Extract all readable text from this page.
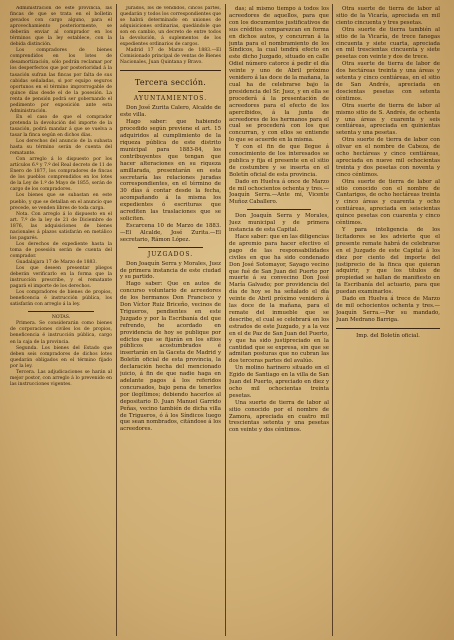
Administración de este provincia, las fincas de que se trata en el bolletin gevados con cargo alguno, para el aprovechamiento posteriormente, se deberán enviar al comprador en los términos que la ley establece, con la debida distinción.

Los compradores de bienes comprendidos en los lotes de desamortización, sólo podrán reclamar por los desperfectos que por posterioridad á la tasación sufran las fincas por falta de sus cabidas señaladas, si por equipo seguros oportunos en el término improrrogable de quince días desde el de la posesión. La renta de pensión podrá ser gobernando el pedimento por exposición ante esta Administración.

En el caso de que el comprador pretenda la devolución del importe de la tasación, podrá mandar á que se vuelva a tasar la finca según en dichos días.

Los derechos del anuncio de la subasta hasta su término serán de cuenta del rematante.

Con arreglo á lo dispuesto por los artículos 6.º y 7.º del Real decreto de 11 de Enero de 1877, los compradores de fincas de los pueblos comprendidos en los lotes de la Ley de 1.º de Mayo de 1855, serán de cargo de los compradores.

Los bienes que se subastan en este pueblo, y que se detallan en el anuncio que precede, se venden libres de toda carga.

Nota. Con arreglo á lo dispuesto en el art. 7.º de la ley de 21 de Diciembre de 1876, las adquisiciones de bienes nacionales á plazos satisfarán en metálico los pagarés.

Los derechos de expediente hasta la toma de posesión serán de cuenta del comprador.

Guadalajara 17 de Marzo de 1883.

Los que deseen presentar pliegos deberán verificarlo en la forma que la instrucción prescribe, y el rematante pagará el importe de los derechos.

Los compradores de bienes de propios, beneficencia é instrucción pública, los satisfarán con arreglo á la ley.

NOTAS.

Primera. Se considerarán como bienes de corporaciones civiles los de propios, beneficencia é instrucción pública, cargo en la caja de la provincia.

Segunda. Los bienes del Estado que deben seis compradores de dichos lotes quedarán obligados en el término fijado por la ley.

Tercera. Las adjudicaciones se harán al mejor postor, con arreglo á lo prevenido en las instrucciones vigentes.

Jurados, los de vendidos, cincos partes, quedarán y todos los correspondientes que se habrá determinado en uniones de adquisiciones ordinarias, quedándole que son en cambio, un decreto de entre todos la devolución, á suplementos de los expedientes ordinarios de cargos.

Madrid 17 de Marzo de 1883.—El Comisionado principal de ventas de Bienes Nacionales, Juan Quintana y Bravo.

Tercera sección.
AYUNTAMIENTOS.

Don José Zurita Calero, Alcalde de este villa.

Hago saber: que habiendo procedido según previene el art. 15 adquiridos al cumplimiento de la riqueza pública de este distrito municipal para 1883-84, los contribuyentes que tengan que hacer alteraciones en su riqueza amillarada, presentarán en esta secretaría las relaciones juradas correspondientes, en el término de 30 días á contar desde la fecha, acompañando á la misma los expedientes ó escrituras que acrediten las traslaciones que se soliciten.

Escarcena 10 de Marzo de 1883.—El Alcalde, José Zurita.—El secretario, Rámon López.

JUZGADOS.

Don Joaquín Serra y Morales, Juez de primera instancia de este ciudad y su partido.

Hago saber: Que en autos de concurso voluntario de acreedores de los hermanos Don Francisco y Don Víctor Ruiz Briceño, vecinos de Trigueros, pendientes en este Juzgado y por la Escribanía del que refrendo, he acordado en providencia de hoy se publique por edictos que se fijarán en los sitios públicos acostumbrados é insertarán en la Gaceta de Madrid y Boletín oficial de esta provincia, la declaración hecha del mencionado juicio, á fin de que nadie haga en adelante pagos á los referidos concursados, bajo pena de tenerlos por ilegítimos; debiendo hacerlos al depositario D. Juan Manuel Garrido Peñas, vecino también de dicha villa de Trigueros, ó á los Síndicos luego que sean nombrados, citándose á los acreedores.

das; al mismo tiempo á todos los acreedores de aquellos, para que con los documentos justificativos de sus créditos comparezcan en forma en dichos autos, y concurran á la junta para el nombramiento de los Síndicos, la cual tendrá efecto en este dicho Juzgado, situado en calle Odiel número catorce á pedir el día veinte y uno de Abril próximo venidero á las doce de la mañana, la cual ha de celebrarse bajo la presidencia del Sr. Juez, y en ella se procederá á la presentación de acreedores para el efecto de los apercibidos, á la junta de acreedores de los hermanos para el cual se procederá con los que concurran, y con ellos se entiende lo que se acuerde en la misma.

Y con el fin de que llegue á conocimiento de los interesados se publica y fija el presente en el sitio de costumbre y se inserta en el Boletín oficial de esta provincia.

Dado en Huelva á once de Marzo de mil ochocientos ochenta y tres.—Joaquín Serra.—Ante mí, Vicente Muñoz Caballero.

Don Joaquín Serra y Morales, Juez municipal y de primera instancia de esta Capital.

Hace saber: que en las diligencias de apremio para hacer efectivo el pago de las responsabilidades civiles en que ha sido condenado Don José Sotomayor, Sayago vecino que fué de San Juan del Puerto por muerte á su convecino Don José María Galvado; por providencia del día de hoy se ha señalado el día veinte de Abril próximo venidero á las doce de la mañana, para el remate del inmueble que se describe, el cual se celebrará en los estrados de este Juzgado, y a la vez en el de Paz de San Juan del Puerto, y que ha sido justipreciado en la cantidad que se expresa, sin que se admitan posturas que no cubran las dos terceras partes del avalúo.

Un molino harinero situado en el Egido de Santiago en la villa de San Juan del Puerto, apreciado en diez y ocho mil ochocientas treinta pesetas.

Una suerte de tierra de labor al sitio conocido por el nombre de Zamora, apreciada en cuatro mil trescientas setenta y una pesetas con veinte y dos céntimos.

Otra suerte de tierra de labor al sitio de la Vicaría, apreciada en mil ciento cincuenta y tres pesetas.

Otra suerte de tierra también al sitio de la Vicaría, de trece fanegas cincuenta y siete cuarta, apreciada en mil trescientas cincuenta y siete pesetas con veinte y dos de trece.

Otra suerte de tierra de labor de dos hectáreas treinta y una áreas y setenta y cinco centiáreas, en el sitio de San Andrés, apreciada en doscientas pesetas con setenta céntimos.

Otra suerte de tierra de labor al mismo sitio de S. Andrés, de ochenta y una áreas y cuarenta y seis centiáreas, apreciada en quinientas setenta y una pesetas.

Otra suerte de tierra de labor con olivar en el nombre de Cabeza, de ocho hectáreas y cinco centiáreas, apreciada en nueve mil ochocientas treinta y dos pesetas con noventa y cinco céntimos.

Otra suerte de tierra de labor al sitio conocido con el nombre de Cantarigos, de ocho hectáreas treinta y cinco áreas y cuarenta y ocho centiáreas, apreciada en seiscientas quince pesetas con cuarenta y cinco céntimos.

Y para inteligencia de los licitadores se les advierte que el presente remate habrá de celebrarse en el Juzgado de este Capital á los diez por ciento del importe del justiprecio de la finca que quieran adquirir, y que los títulos de propiedad se hallan de manifiesto en la Escribanía del actuario, para que puedan examinarlos.

Dado en Huelva á trece de Marzo de mil ochocientos ochenta y tres.—Joaquín Serra.—Por su mandado, Juan Medrano Barriga.

Imp. del Boletín oficial.
